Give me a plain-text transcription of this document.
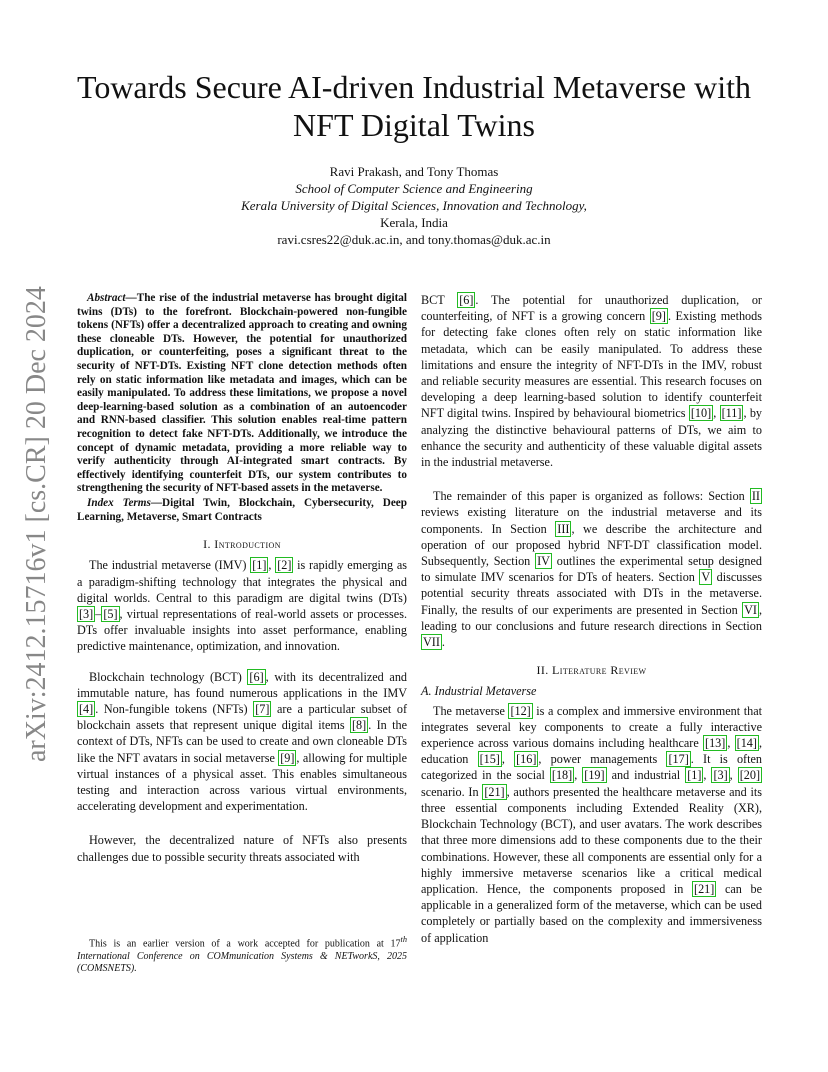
arXiv:2412.15716v1 [cs.CR] 20 Dec 2024
Towards Secure AI-driven Industrial Metaverse with NFT Digital Twins
Ravi Prakash, and Tony Thomas
School of Computer Science and Engineering
Kerala University of Digital Sciences, Innovation and Technology,
Kerala, India
ravi.csres22@duk.ac.in, and tony.thomas@duk.ac.in

Abstract—The rise of the industrial metaverse has brought digital twins (DTs) to the forefront. Blockchain-powered non-fungible tokens (NFTs) offer a decentralized approach to creating and owning these cloneable DTs. However, the potential for unauthorized duplication, or counterfeiting, poses a significant threat to the security of NFT-DTs. Existing NFT clone detection methods often rely on static information like metadata and images, which can be easily manipulated. To address these limitations, we propose a novel deep-learning-based solution as a combination of an autoencoder and RNN-based classifier. This solution enables real-time pattern recognition to detect fake NFT-DTs. Additionally, we introduce the concept of dynamic metadata, providing a more reliable way to verify authenticity through AI-integrated smart contracts. By effectively identifying counterfeit DTs, our system contributes to strengthening the security of NFT-based assets in the metaverse.

Index Terms—Digital Twin, Blockchain, Cybersecurity, Deep Learning, Metaverse, Smart Contracts

I. Introduction

The industrial metaverse (IMV) [1] , [2] is rapidly emerging as a paradigm-shifting technology that integrates the physical and digital worlds. Central to this paradigm are digital twins (DTs) [3] – [5] , virtual representations of real-world assets or processes. DTs offer invaluable insights into asset performance, enabling predictive maintenance, optimization, and innovation.

Blockchain technology (BCT) [6] , with its decentralized and immutable nature, has found numerous applications in the IMV [4] . Non-fungible tokens (NFTs) [7] are a particular subset of blockchain assets that represent unique digital items [8] . In the context of DTs, NFTs can be used to create and own cloneable DTs like the NFT avatars in social metaverse [9] , allowing for multiple virtual instances of a physical asset. This enables simultaneous testing and interaction across various virtual environments, accelerating development and experimentation.

However, the decentralized nature of NFTs also presents challenges due to possible security threats associated with

This is an earlier version of a work accepted for publication at 17th International Conference on COMmunication Systems & NETworkS, 2025 (COMSNETS).

BCT [6] . The potential for unauthorized duplication, or counterfeiting, of NFT is a growing concern [9] . Existing methods for detecting fake clones often rely on static information like metadata, which can be easily manipulated. To address these limitations and ensure the integrity of NFT-DTs in the IMV, robust and reliable security measures are essential. This research focuses on developing a deep learning-based solution to identify counterfeit NFT digital twins. Inspired by behavioural biometrics [10] , [11] , by analyzing the distinctive behavioural patterns of DTs, we aim to enhance the security and authenticity of these valuable digital assets in the industrial metaverse.

The remainder of this paper is organized as follows: Section II reviews existing literature on the industrial metaverse and its components. In Section III , we describe the architecture and operation of our proposed hybrid NFT-DT classification model. Subsequently, Section IV outlines the experimental setup designed to simulate IMV scenarios for DTs of heaters. Section V discusses potential security threats associated with DTs in the metaverse. Finally, the results of our experiments are presented in Section VI , leading to our conclusions and future research directions in Section VII .

II. Literature Review

A. Industrial Metaverse

The metaverse [12] is a complex and immersive environment that integrates several key components to create a fully interactive experience across various domains including healthcare [13] , [14] , education [15] , [16] , power managements [17] . It is often categorized in the social [18] , [19] and industrial [1] , [3] , [20] scenario. In [21] , authors presented the healthcare metaverse and its three essential components including Extended Reality (XR), Blockchain Technology (BCT), and user avatars. The work describes that three more dimensions add to these components due to the their combinations. However, these all components are essential only for a highly immersive metaverse scenarios like a critical medical application. Hence, the components proposed in [21] can be applicable in a generalized form of the metaverse, which can be used completely or partially based on the complexity and immersiveness of application
